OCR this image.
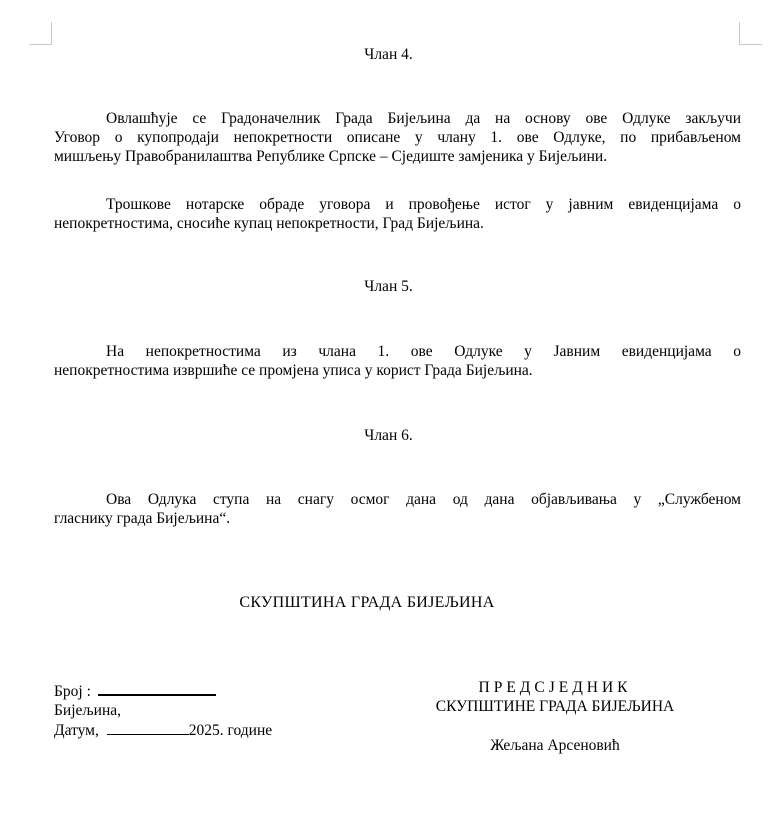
Члан 4.
Овлашћује се Градоначелник Града Бијељина да на основу ове Одлуке закључи
Уговор о купопродаји непокретности описане у члану 1. ове Одлуке, по прибављеном
мишљењу Правобранилаштва Републике Српске – Сједиште замјеника у Бијељини.
Трошкове нотарске обраде уговора и провођење истог у јавним евиденцијама о
непокретностима, сносиће купац непокретности, Град Бијељина.
Члан 5.
На непокретностима из члана 1. ове Одлуке у Јавним евиденцијама о
непокретностима извршиће се промјена уписа у корист Града Бијељина.
Члан 6.
Ова Одлука ступа на снагу осмог дана од дана објављивања у „Службеном
гласнику града Бијељина“.
СКУПШТИНА ГРАДА БИЈЕЉИНА
Број :
Бијељина,
Датум,	2025. године
ПРЕДСЈЕДНИК
СКУПШТИНЕ ГРАДА БИЈЕЉИНА
Жељана Арсеновић
